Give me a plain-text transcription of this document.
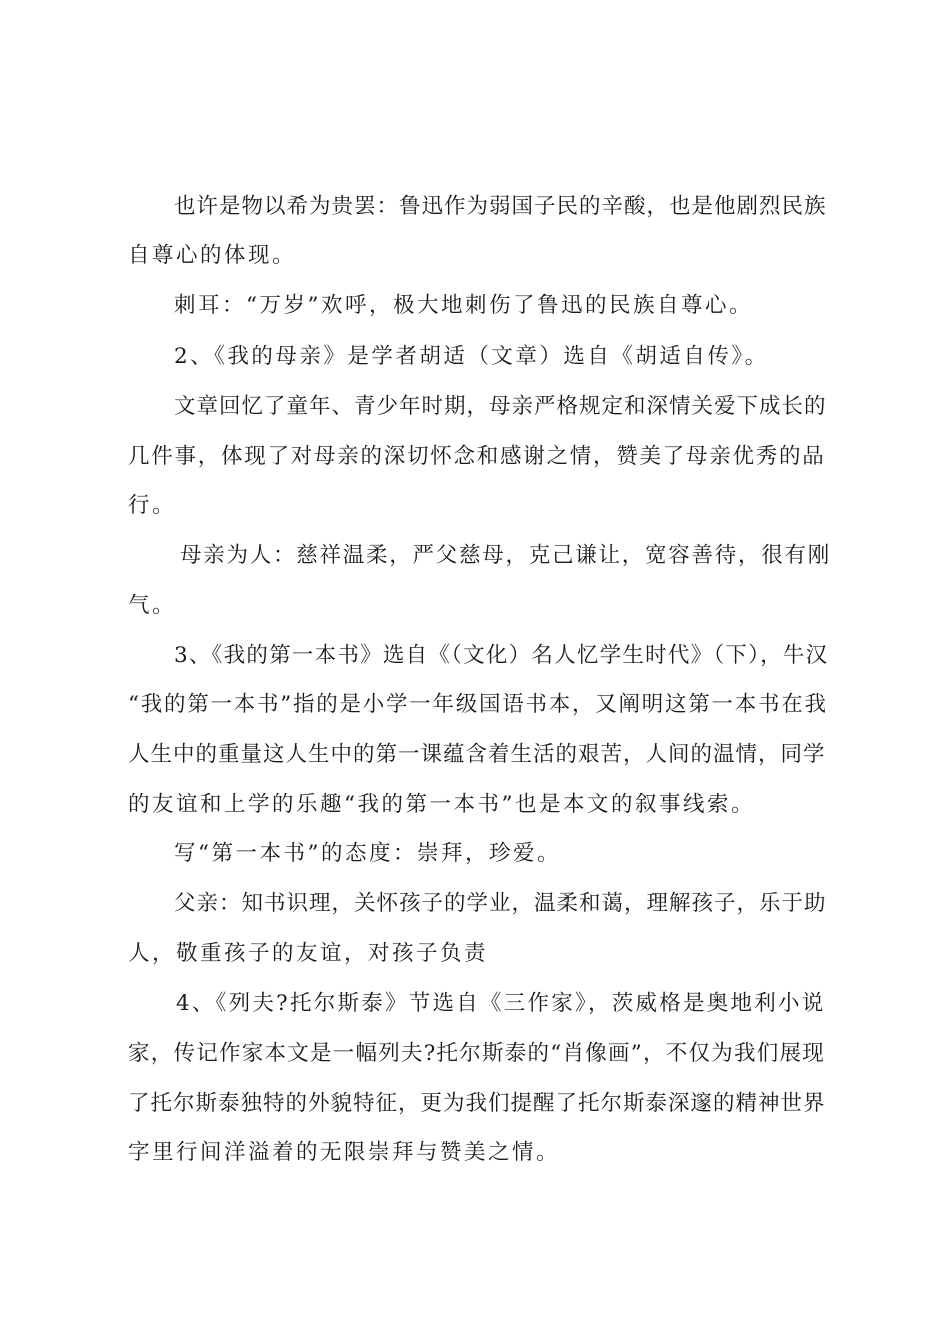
也许是物以希为贵罢：鲁迅作为弱国子民的辛酸，也是他剧烈民族
自尊心的体现。
刺耳：“万岁”欢呼，极大地刺伤了鲁迅的民族自尊心。
2、《我的母亲》是学者胡适（文章）选自《胡适自传》。
文章回忆了童年、青少年时期，母亲严格规定和深情关爱下成长的
几件事，体现了对母亲的深切怀念和感谢之情，赞美了母亲优秀的品
行。
母亲为人：慈祥温柔，严父慈母，克己谦让，宽容善待，很有刚
气。
3、《我的第一本书》选自《（文化）名人忆学生时代》（下），牛汉
“我的第一本书”指的是小学一年级国语书本，又阐明这第一本书在我
人生中的重量这人生中的第一课蕴含着生活的艰苦，人间的温情，同学
的友谊和上学的乐趣“我的第一本书”也是本文的叙事线索。
写“第一本书”的态度：崇拜，珍爱。
父亲：知书识理，关怀孩子的学业，温柔和蔼，理解孩子，乐于助
人，敬重孩子的友谊，对孩子负责
4、《列夫?托尔斯泰》节选自《三作家》，茨威格是奥地利小说
家，传记作家本文是一幅列夫?托尔斯泰的“肖像画”，不仅为我们展现
了托尔斯泰独特的外貌特征，更为我们提醒了托尔斯泰深邃的精神世界
字里行间洋溢着的无限崇拜与赞美之情。
